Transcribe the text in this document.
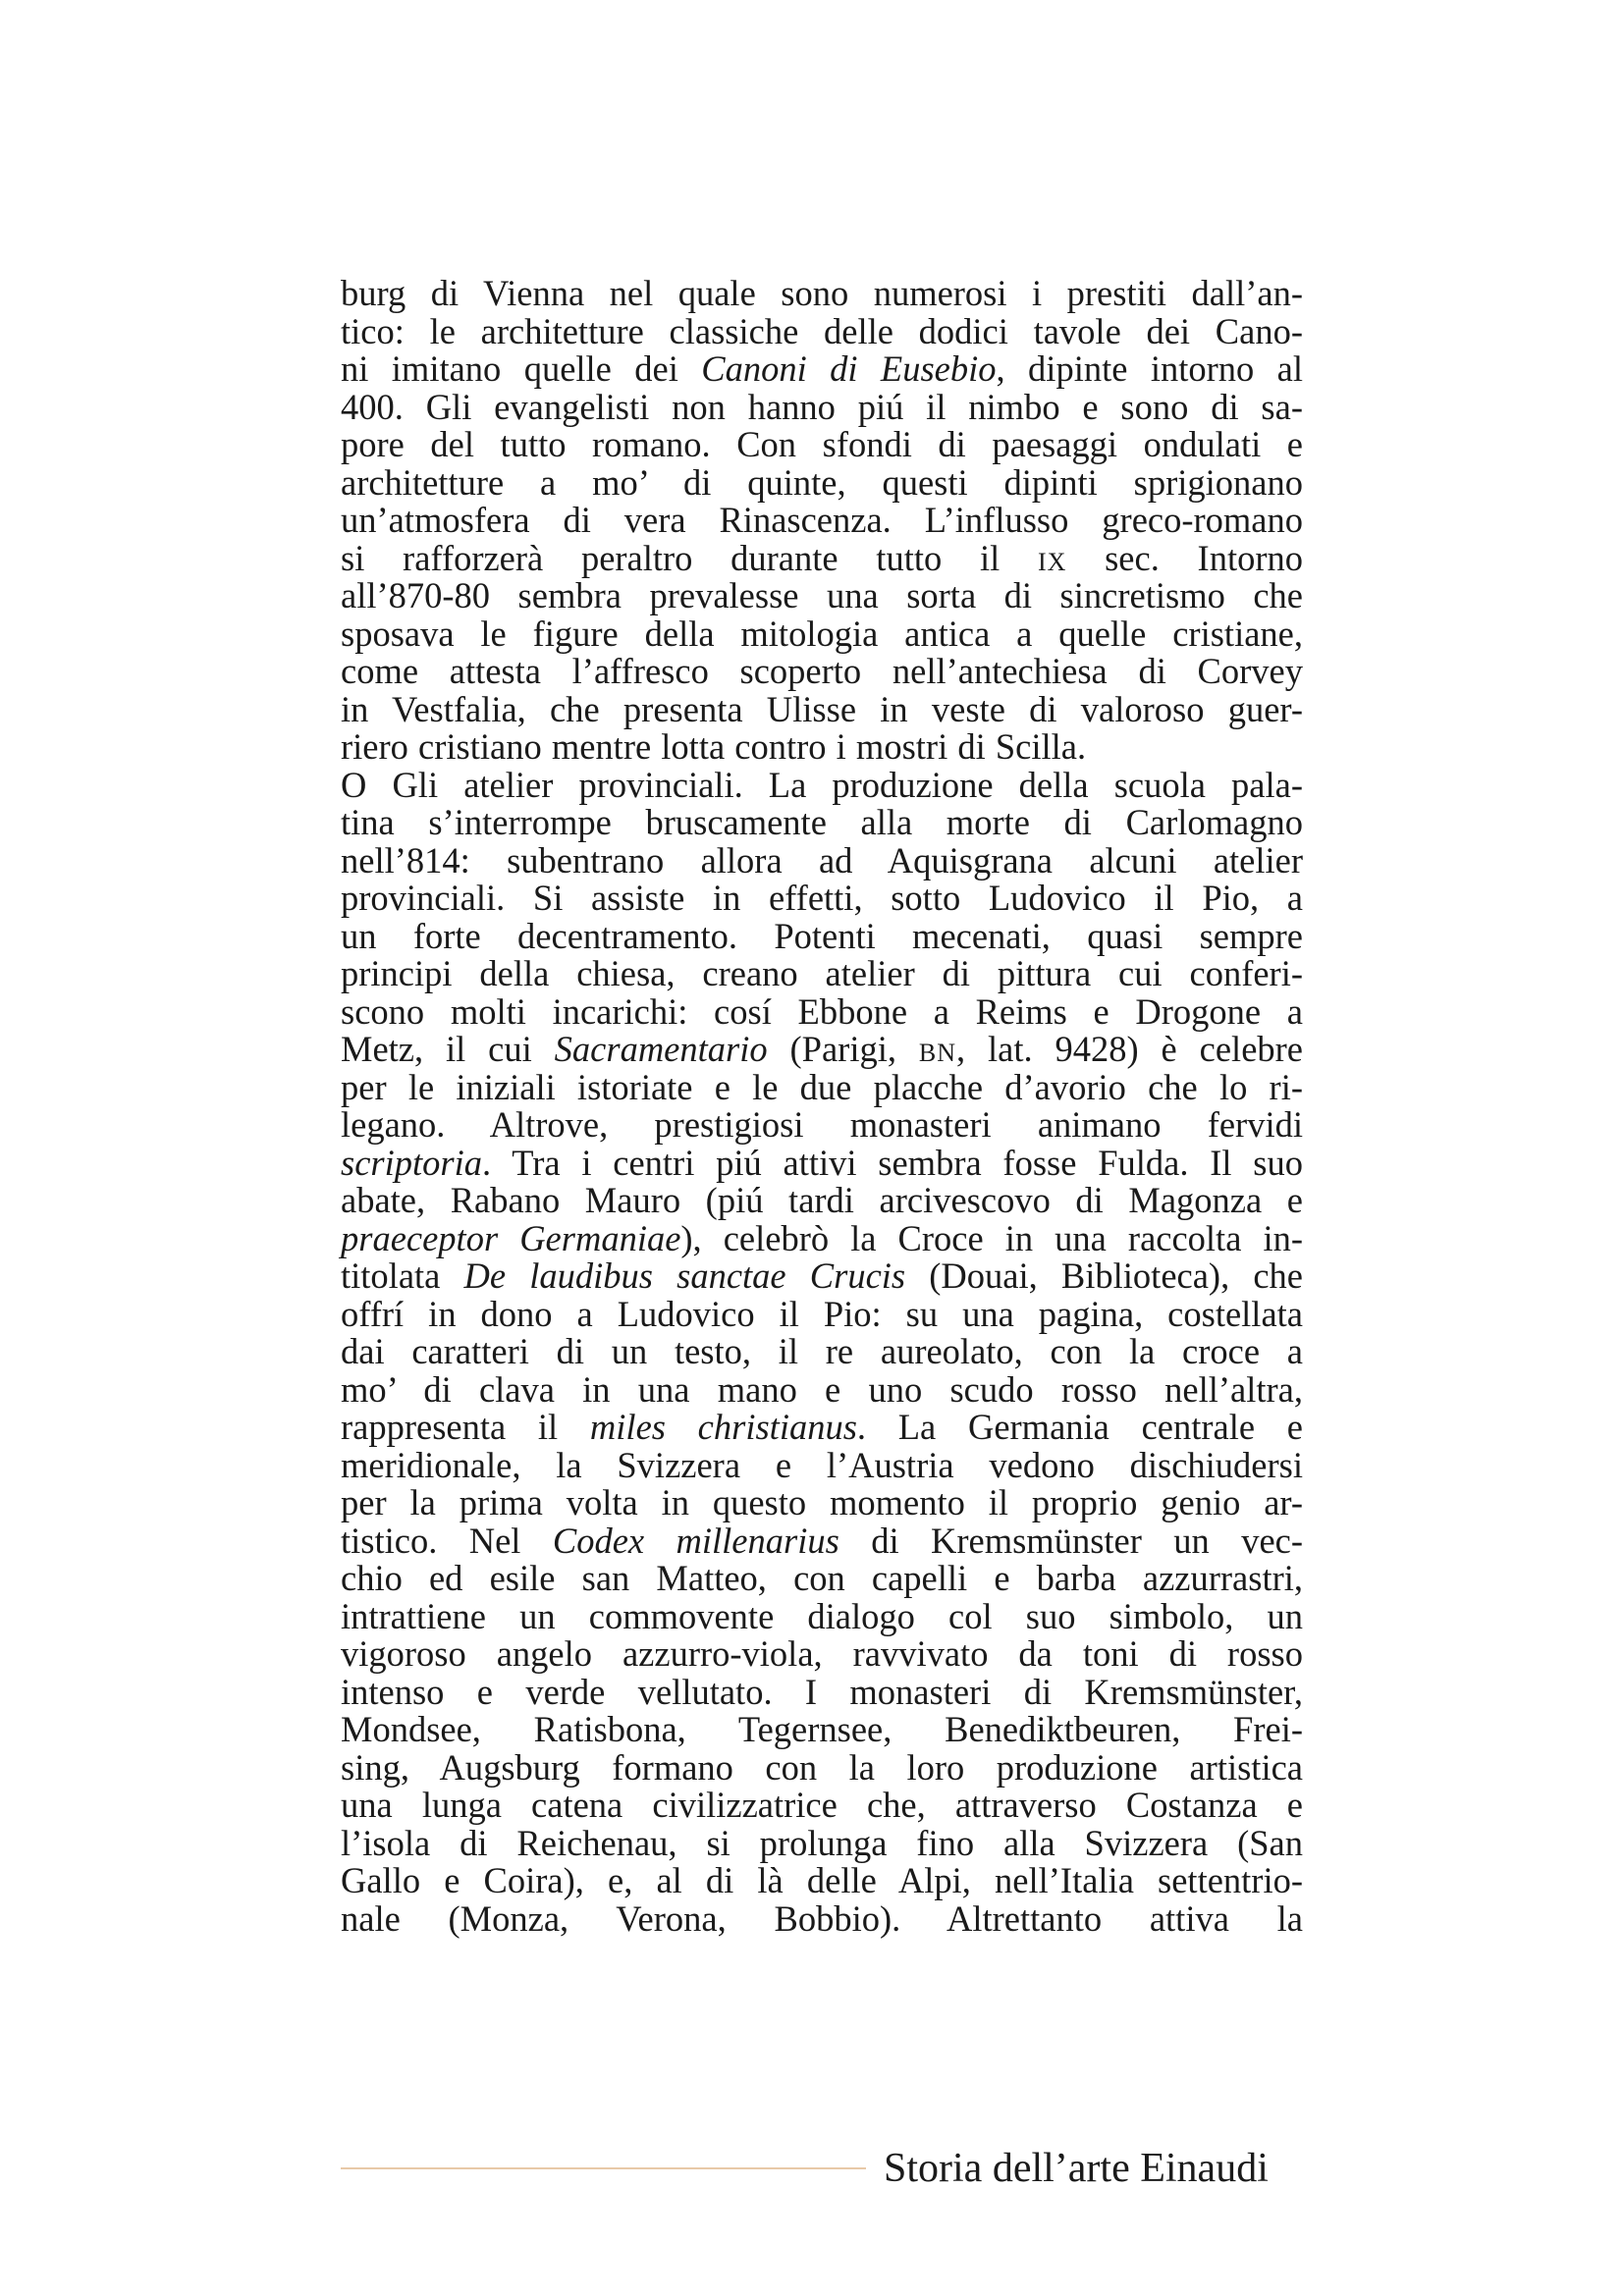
burg di Vienna nel quale sono numerosi i prestiti dall’an-
tico: le architetture classiche delle dodici tavole dei Cano-
ni imitano quelle dei Canoni di Eusebio, dipinte intorno al
400. Gli evangelisti non hanno piú il nimbo e sono di sa-
pore del tutto romano. Con sfondi di paesaggi ondulati e
architetture a mo’ di quinte, questi dipinti sprigionano
un’atmosfera di vera Rinascenza. L’influsso greco-romano
si rafforzerà peraltro durante tutto il ix sec. Intorno
all’870-80 sembra prevalesse una sorta di sincretismo che
sposava le figure della mitologia antica a quelle cristiane,
come attesta l’affresco scoperto nell’antechiesa di Corvey
in Vestfalia, che presenta Ulisse in veste di valoroso guer-
riero cristiano mentre lotta contro i mostri di Scilla.
O Gli atelier provinciali. La produzione della scuola pala-
tina s’interrompe bruscamente alla morte di Carlomagno
nell’814: subentrano allora ad Aquisgrana alcuni atelier
provinciali. Si assiste in effetti, sotto Ludovico il Pio, a
un forte decentramento. Potenti mecenati, quasi sempre
principi della chiesa, creano atelier di pittura cui conferi-
scono molti incarichi: cosí Ebbone a Reims e Drogone a
Metz, il cui Sacramentario (Parigi, bn, lat. 9428) è celebre
per le iniziali istoriate e le due placche d’avorio che lo ri-
legano. Altrove, prestigiosi monasteri animano fervidi
scriptoria. Tra i centri piú attivi sembra fosse Fulda. Il suo
abate, Rabano Mauro (piú tardi arcivescovo di Magonza e
praeceptor Germaniae), celebrò la Croce in una raccolta in-
titolata De laudibus sanctae Crucis (Douai, Biblioteca), che
offrí in dono a Ludovico il Pio: su una pagina, costellata
dai caratteri di un testo, il re aureolato, con la croce a
mo’ di clava in una mano e uno scudo rosso nell’altra,
rappresenta il miles christianus. La Germania centrale e
meridionale, la Svizzera e l’Austria vedono dischiudersi
per la prima volta in questo momento il proprio genio ar-
tistico. Nel Codex millenarius di Kremsmünster un vec-
chio ed esile san Matteo, con capelli e barba azzurrastri,
intrattiene un commovente dialogo col suo simbolo, un
vigoroso angelo azzurro-viola, ravvivato da toni di rosso
intenso e verde vellutato. I monasteri di Kremsmünster,
Mondsee, Ratisbona, Tegernsee, Benediktbeuren, Frei-
sing, Augsburg formano con la loro produzione artistica
una lunga catena civilizzatrice che, attraverso Costanza e
l’isola di Reichenau, si prolunga fino alla Svizzera (San
Gallo e Coira), e, al di là delle Alpi, nell’Italia settentrio-
nale (Monza, Verona, Bobbio). Altrettanto attiva la
Storia dell’arte Einaudi
